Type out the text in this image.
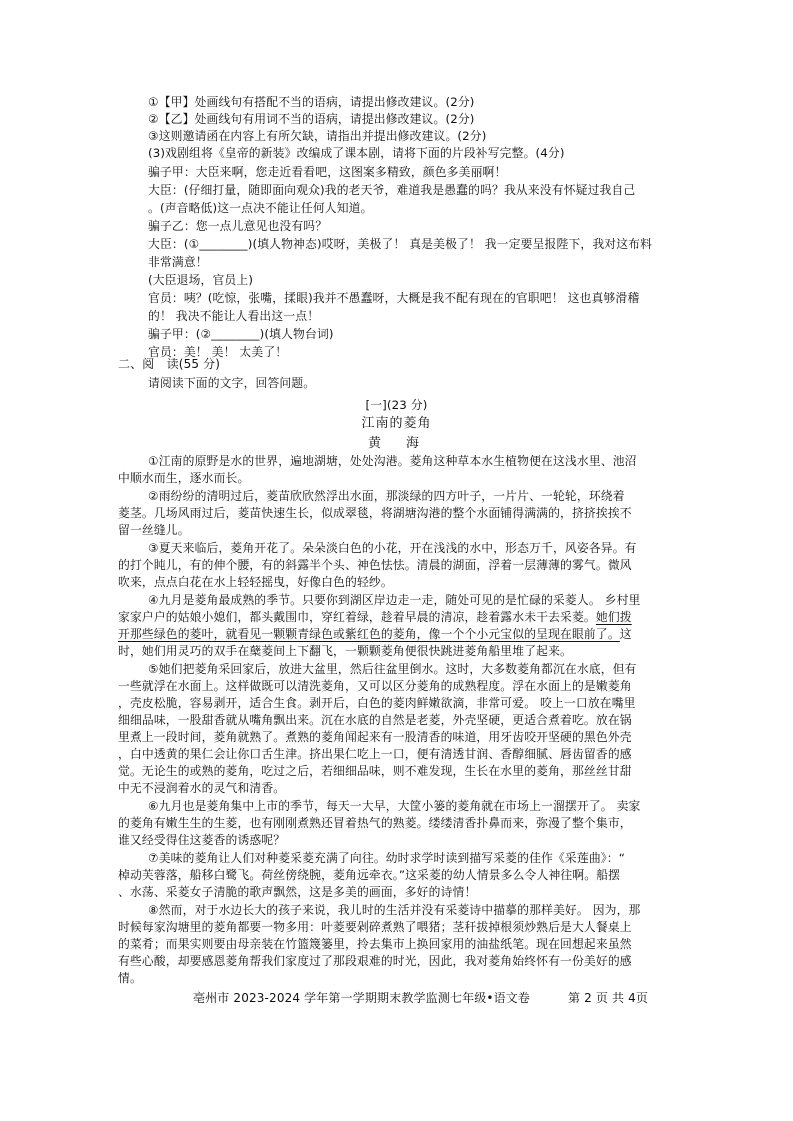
①【甲】处画线句有搭配不当的语病，请提出修改建议。(2分)
②【乙】处画线句有用词不当的语病，请提出修改建议。(2分)
③这则邀请函在内容上有所欠缺，请指出并提出修改建议。(2分)
(3)戏剧组将《皇帝的新装》改编成了课本剧，请将下面的片段补写完整。(4分)
骗子甲：大臣来啊，您走近看看吧，这图案多精致，颜色多美丽啊！
大臣：(仔细打量，随即面向观众)我的老天爷，难道我是愚蠢的吗？我从来没有怀疑过我自己
。(声音略低)这一点决不能让任何人知道。
骗子乙：您一点儿意见也没有吗？
大臣：(①________)(填人物神态)哎呀，美极了！ 真是美极了！ 我一定要呈报陛下，我对这布料
非常满意！
(大臣退场，官员上)
官员：咦？(吃惊，张嘴，揉眼)我并不愚蠢呀，大概是我不配有现在的官职吧！ 这也真够滑稽
的！ 我决不能让人看出这一点！
骗子甲：(②________)(填人物台词)
官员：美！ 美！ 太美了！
二、阅　读(55 分)
请阅读下面的文字，回答问题。
[一](23 分)
江南的菱角
黄　海
①江南的原野是水的世界，遍地湖塘，处处沟港。菱角这种草本水生植物便在这浅水里、池沼
中顺水而生，逐水而长。
②雨纷纷的清明过后，菱苗欣欣然浮出水面，那淡绿的四方叶子，一片片、一轮轮，环绕着
菱茎。几场风雨过后，菱苗快速生长，似成翠毯，将湖塘沟港的整个水面铺得满满的，挤挤挨挨不
留一丝缝儿。
③夏天来临后，菱角开花了。朵朵淡白色的小花，开在浅浅的水中，形态万千，风姿各异。有
的打个盹儿，有的伸个腰，有的斜露半个头、神色怯怯。清晨的湖面，浮着一层薄薄的雾气。微风
吹来，点点白花在水上轻轻摇曳，好像白色的轻纱。
④九月是菱角最成熟的季节。只要你到湖区岸边走一走，随处可见的是忙碌的采菱人。 乡村里
家家户户的姑娘小媳们，都头戴围巾，穿红着绿，趁着早晨的清凉，趁着露水未干去采菱。她们拨
开那些绿色的菱叶，就看见一颗颗青绿色或紫红色的菱角，像一个个小元宝似的呈现在眼前了。这
时，她们用灵巧的双手在蘖菱间上下翻飞，一颗颗菱角便很快跳进菱角船里堆了起来。
⑤她们把菱角采回家后，放进大盆里，然后往盆里倒水。这时，大多数菱角都沉在水底，但有
一些就浮在水面上。这样做既可以清洗菱角，又可以区分菱角的成熟程度。浮在水面上的是嫩菱角
，壳皮松脆，容易剥开，适合生食。剥开后，白色的菱肉鲜嫩欲滴，非常可爱。 咬上一口放在嘴里
细细品味，一股甜香就从嘴角飘出来。沉在水底的自然是老菱，外壳坚硬，更适合煮着吃。放在锅
里煮上一段时间，菱角就熟了。煮熟的菱角闻起来有一股清香的味道，用牙齿咬开坚硬的黑色外壳
，白中透黄的果仁会让你口舌生津。挤出果仁吃上一口，便有清透甘润、香醇细腻、唇齿留香的感
觉。无论生的或熟的菱角，吃过之后，若细细品味，则不难发现，生长在水里的菱角，那丝丝甘甜
中无不浸润着水的灵气和清香。
⑥九月也是菱角集中上市的季节，每天一大早，大筐小篓的菱角就在市场上一溜摆开了。 卖家
的菱角有嫩生生的生菱，也有刚刚煮熟还冒着热气的熟菱。缕缕清香扑鼻而来，弥漫了整个集市，
谁又经受得住这菱香的诱惑呢？
⑦美味的菱角让人们对种菱采菱充满了向往。幼时求学时读到描写采菱的佳作《采莲曲》：“
棹动芙蓉落，船移白鹭飞。荷丝傍绕腕，菱角远牵衣。”这采菱的幼人情景多么令人神往啊。船摆
、水荡、采菱女子清脆的歌声飘然，这是多美的画面，多好的诗情！
⑧然而，对于水边长大的孩子来说，我儿时的生活并没有采菱诗中描摹的那样美好。 因为，那
时候每家沟塘里的菱角都要一物多用：叶菱要剁碎煮熟了喂猪；茎秆拔掉根须炒熟后是大人餐桌上
的菜肴；而果实则要由母亲装在竹篮篾篓里，拎去集市上换回家用的油盐纸笔。现在回想起来虽然
有些心酸，却要感恩菱角帮我们家度过了那段艰难的时光，因此，我对菱角始终怀有一份美好的感
情。
亳州市 2023-2024 学年第一学期期末教学监测七年级•语文卷	第 2 页 共 4页
